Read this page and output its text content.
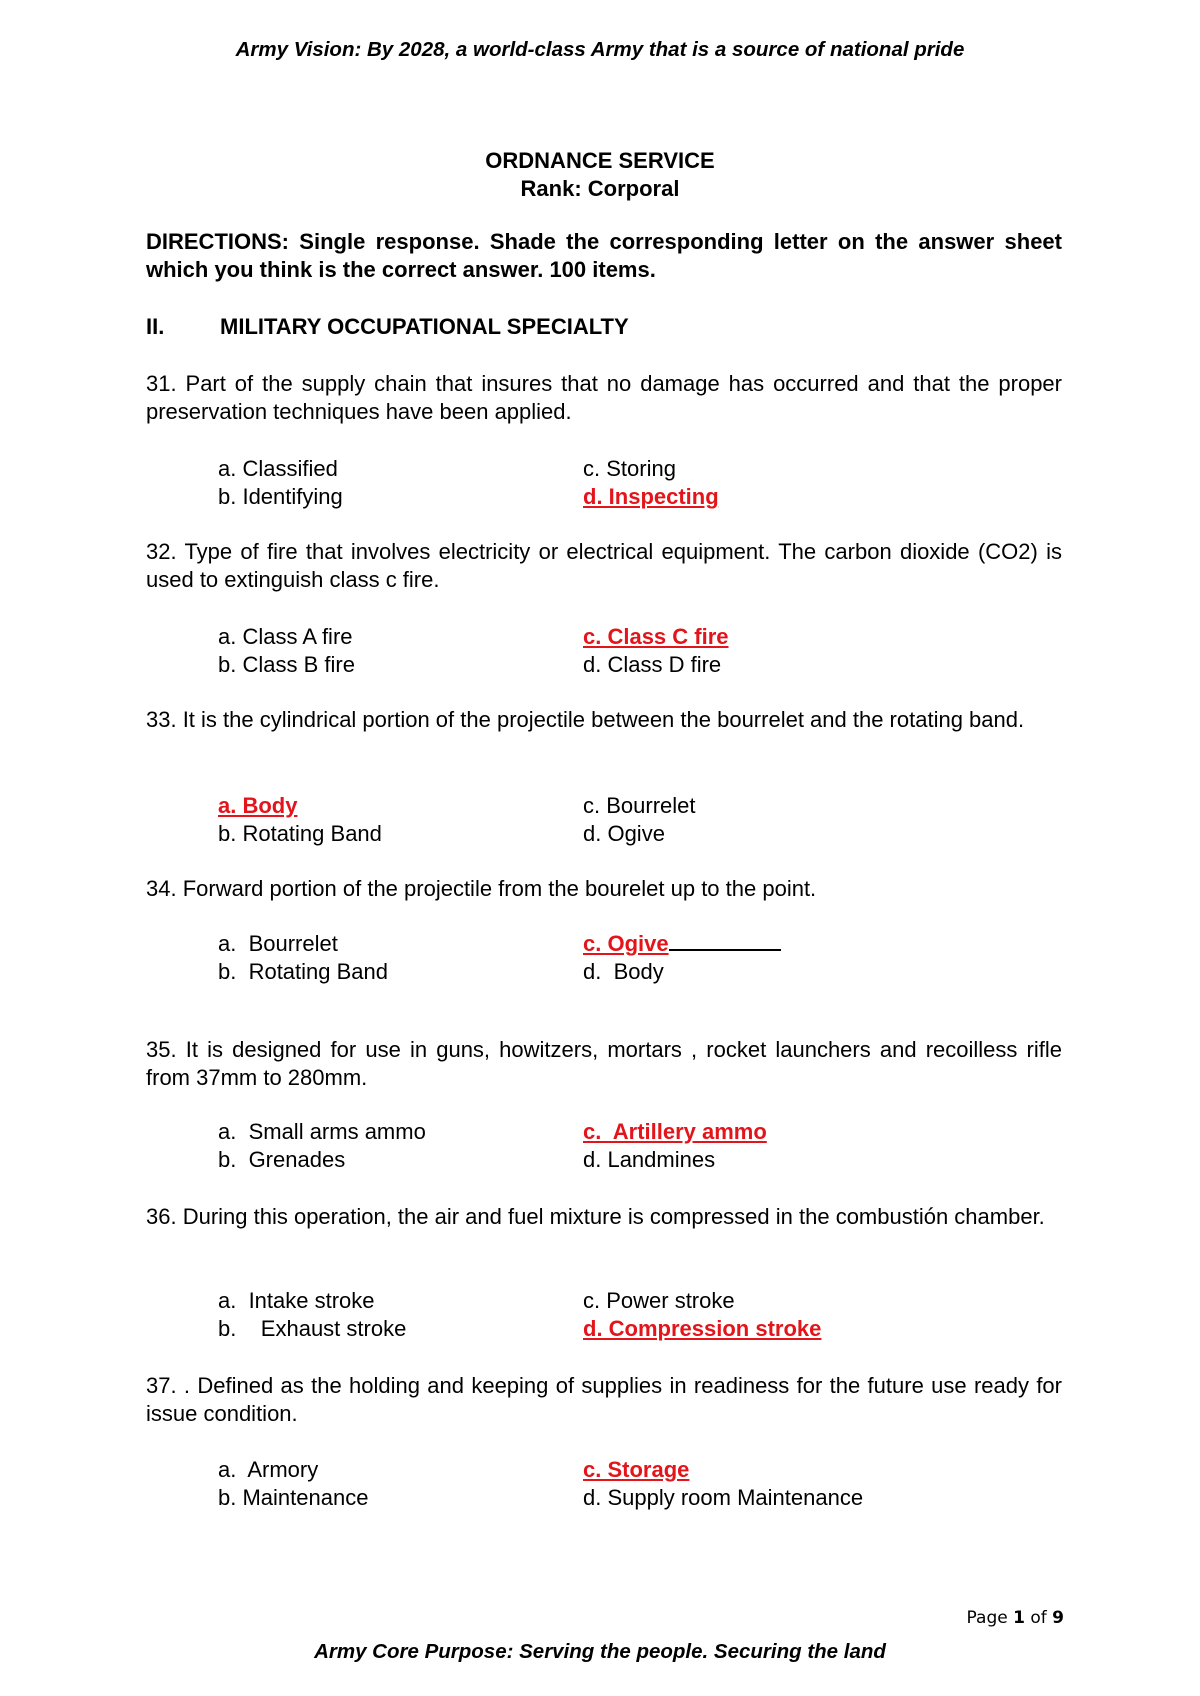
Army Vision: By 2028, a world-class Army that is a source of national pride
ORDNANCE SERVICE
Rank: Corporal
DIRECTIONS: Single response. Shade the corresponding letter on the answer sheet which you think is the correct answer. 100 items.
II.	MILITARY OCCUPATIONAL SPECIALTY
31. Part of the supply chain that insures that no damage has occurred and that the proper preservation techniques have been applied.
a. Classified	c. Storing
b. Identifying	d. Inspecting
32. Type of fire that involves electricity or electrical equipment. The carbon dioxide (CO2) is used to extinguish class c fire.
a. Class A fire	c. Class C fire
b. Class B fire	d. Class D fire
33. It is the cylindrical portion of the projectile between the bourrelet and the rotating band.
a. Body	c. Bourrelet
b. Rotating Band	d. Ogive
34. Forward portion of the projectile from the bourelet up to the point.
a.  Bourrelet	c. Ogive
b.  Rotating Band	d.  Body
35. It is designed for use in guns, howitzers, mortars , rocket launchers and recoilless rifle from 37mm to 280mm.
a.  Small arms ammo	c.  Artillery ammo
b.  Grenades	d. Landmines
36. During this operation, the air and fuel mixture is compressed in the combustión chamber.
a.  Intake stroke	c. Power stroke
b.    Exhaust stroke	d. Compression stroke
37. . Defined as the holding and keeping of supplies in readiness for the future use ready for issue condition.
a.  Armory	c. Storage
b. Maintenance	d. Supply room Maintenance
Page 1 of 9
Army Core Purpose: Serving the people. Securing the land
